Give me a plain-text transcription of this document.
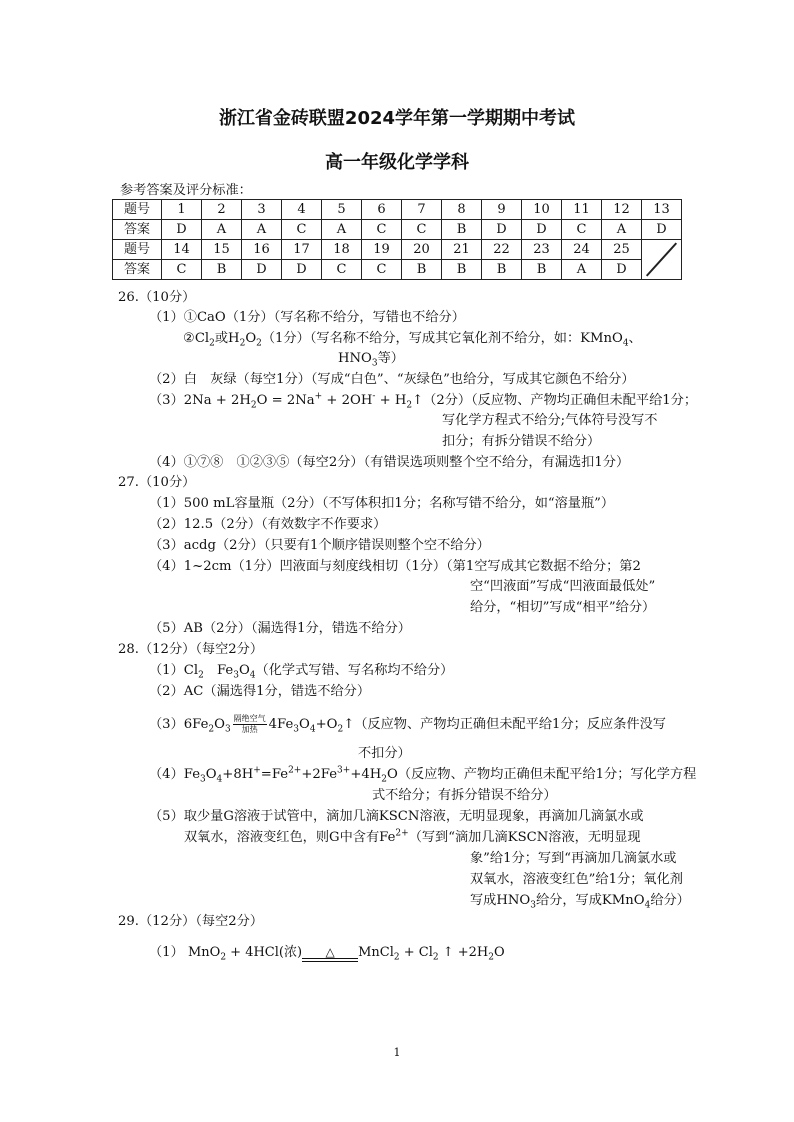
浙江省金砖联盟2024学年第一学期期中考试
高一年级化学学科
参考答案及评分标准：
题号	1	2	3	4	5	6	7	8	9	10	11	12	13
答案	D	A	A	C	A	C	C	B	D	D	C	A	D
题号	14	15	16	17	18	19	20	21	22	23	24	25	

答案	C	B	D	D	C	C	B	B	B	B	A	D	
26.（10分）
（1）①CaO（1分）（写名称不给分，写错也不给分）
$②Cl_2$或$H_2O_2(1$分）（写名称不给分，写成其它氧化剂不给分，如：KMnO$_4$、
$HNO_3$等）
（2）白　灰绿（每空1分）（写成“白色”、“灰绿色”也给分，写成其它颜色不给分）
$(3)2Na + 2H_2O = 2Na^+ + 2OH^-$ + $H_2↑(2$分）（反应物、产物均正确但未配平给1分；
写化学方程式不给分;气体符号没写不
扣分；有拆分错误不给分）
（4）①⑦⑧　①②③⑤（每空2分）（有错误选项则整个空不给分，有漏选扣1分）
27.（10分）
（1）500 mL容量瓶（2分）（不写体积扣1分；名称写错不给分，如“溶量瓶”）
（2）12.5（2分）（有效数字不作要求）
（3）acdg（2分）（只要有1个顺序错误则整个空不给分）
（4）1~2cm（1分）凹液面与刻度线相切（1分）（第1空写成其它数据不给分；第2
空“凹液面”写成“凹液面最低处”
给分，“相切”写成“相平”给分）
（5）AB（2分）（漏选得1分，错选不给分）
28.（12分）（每空2分）
$(1)Cl_2$　$Fe_3O_4$（化学式写错、写名称均不给分）
（2）AC（漏选得1分，错选不给分）
$(3)6Fe_2O_3 \frac{\text{隔绝空气}}{\text{加热}}$ $4Fe_3O_4+O_2↑$（反应物、产物均正确但未配平给1分；反应条件没写
不扣分）
$(4)Fe_3O_4+8H^+=Fe^{2+}+2Fe^{3+}+4H_2O$（反应物、产物均正确但未配平给1分；写化学方程
式不给分；有拆分错误不给分）
（5）取少量G溶液于试管中，滴加几滴KSCN溶液，无明显现象，再滴加几滴氯水或
双氧水，溶液变红色，则G中含有$Fe^{2+}$（写到“滴加几滴KSCN溶液，无明显现
象”给1分；写到“再滴加几滴氯水或
双氧水，溶液变红色”给1分；氧化剂
写成$HNO_3$给分，写成KMnO$_4$给分）
29.（12分）（每空2分）
（1） MnO$_2$ + 4HCl(浓)	△	MnCl$_2$ + $Cl_2$ ↑ $+2H_2O$
1
